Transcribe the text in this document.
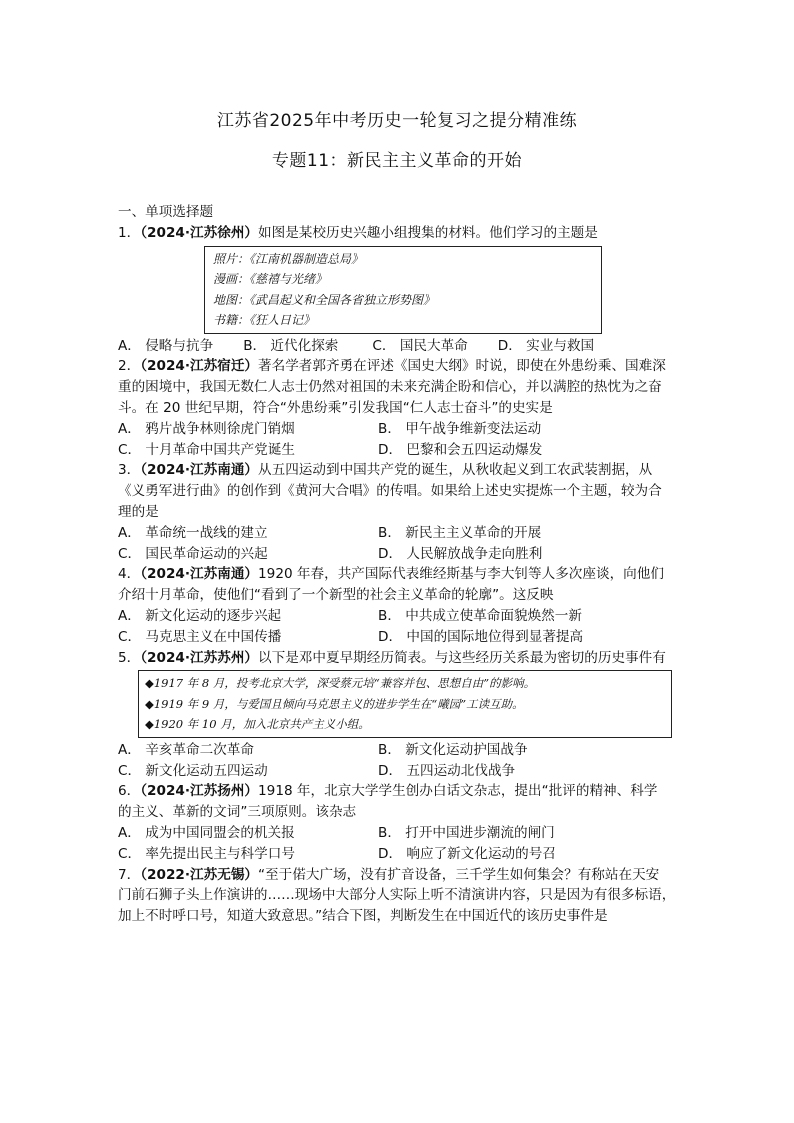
江苏省2025年中考历史一轮复习之提分精准练
专题11：新民主主义革命的开始
一、单项选择题
1．（2024·江苏徐州）如图是某校历史兴趣小组搜集的材料。他们学习的主题是
照片：《江南机器制造总局》
漫画：《慈禧与光绪》
地图：《武昌起义和全国各省独立形势图》
书籍：《狂人日记》
A． 侵略与抗争 B． 近代化探索	C． 国民大革命 D． 实业与救国
2．（2024·江苏宿迁）著名学者郭齐勇在评述《国史大纲》时说，即使在外患纷乘、国难深
重的困境中，我国无数仁人志士仍然对祖国的未来充满企盼和信心，并以满腔的热忱为之奋
斗。在 20 世纪早期，符合“外患纷乘”引发我国“仁人志士奋斗”的史实是
A． 鸦片战争林则徐虎门销烟	B． 甲午战争维新变法运动
C． 十月革命中国共产党诞生	D． 巴黎和会五四运动爆发
3．（2024·江苏南通）从五四运动到中国共产党的诞生，从秋收起义到工农武装割据，从
《义勇军进行曲》的创作到《黄河大合唱》的传唱。如果给上述史实提炼一个主题，较为合
理的是
A． 革命统一战线的建立	B． 新民主主义革命的开展
C． 国民革命运动的兴起	D． 人民解放战争走向胜利
4．（2024·江苏南通）1920 年春，共产国际代表维经斯基与李大钊等人多次座谈，向他们
介绍十月革命，使他们“看到了一个新型的社会主义革命的轮廓”。这反映
A． 新文化运动的逐步兴起	B． 中共成立使革命面貌焕然一新
C． 马克思主义在中国传播	D． 中国的国际地位得到显著提高
5．（2024·江苏苏州）以下是邓中夏早期经历简表。与这些经历关系最为密切的历史事件有
◆1917 年 8 月，投考北京大学，深受蔡元培“兼容并包、思想自由”的影响。
◆1919 年 9 月，与爱国且倾向马克思主义的进步学生在“曦园”工读互助。
◆1920 年 10 月，加入北京共产主义小组。
A． 辛亥革命二次革命	B． 新文化运动护国战争
C． 新文化运动五四运动	D． 五四运动北伐战争
6．（2024·江苏扬州）1918 年，北京大学学生创办白话文杂志，提出“批评的精神、科学
的主义、革新的文词”三项原则。该杂志
A． 成为中国同盟会的机关报	B． 打开中国进步潮流的闸门
C． 率先提出民主与科学口号	D． 响应了新文化运动的号召
7．（2022·江苏无锡）“至于偌大广场，没有扩音设备，三千学生如何集会？有称站在天安
门前石狮子头上作演讲的……现场中大部分人实际上听不清演讲内容，只是因为有很多标语，
加上不时呼口号，知道大致意思。”结合下图，判断发生在中国近代的该历史事件是
